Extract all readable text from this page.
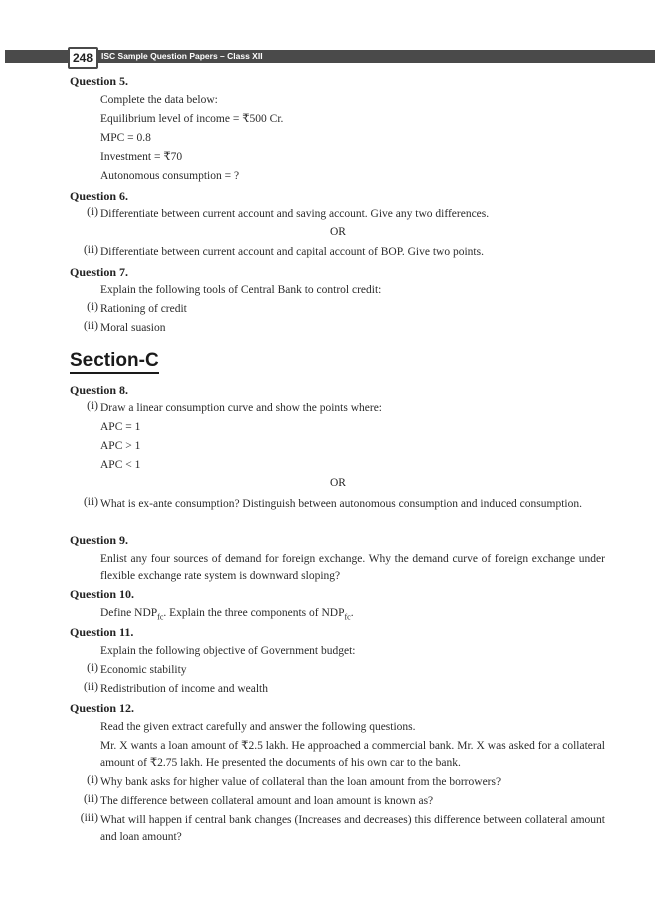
248 ISC Sample Question Papers – Class XII
Question 5.
Complete the data below:
Equilibrium level of income = ₹500 Cr.
MPC = 0.8
Investment = ₹70
Autonomous consumption = ?
Question 6.
(i) Differentiate between current account and saving account. Give any two differences.
OR
(ii) Differentiate between current account and capital account of BOP. Give two points.
Question 7.
Explain the following tools of Central Bank to control credit:
(i) Rationing of credit
(ii) Moral suasion
Section-C
Question 8.
(i) Draw a linear consumption curve and show the points where:
APC = 1
APC > 1
APC < 1
OR
(ii) What is ex-ante consumption? Distinguish between autonomous consumption and induced consumption.
Question 9.
Enlist any four sources of demand for foreign exchange. Why the demand curve of foreign exchange under flexible exchange rate system is downward sloping?
Question 10.
Define $NDP_{fc}$. Explain the three components of $NDP_{fc}$.
Question 11.
Explain the following objective of Government budget:
(i) Economic stability
(ii) Redistribution of income and wealth
Question 12.
Read the given extract carefully and answer the following questions.
Mr. X wants a loan amount of ₹2.5 lakh. He approached a commercial bank. Mr. X was asked for a collateral amount of ₹2.75 lakh. He presented the documents of his own car to the bank.
(i) Why bank asks for higher value of collateral than the loan amount from the borrowers?
(ii) The difference between collateral amount and loan amount is known as?
(iii) What will happen if central bank changes (Increases and decreases) this difference between collateral amount and loan amount?
